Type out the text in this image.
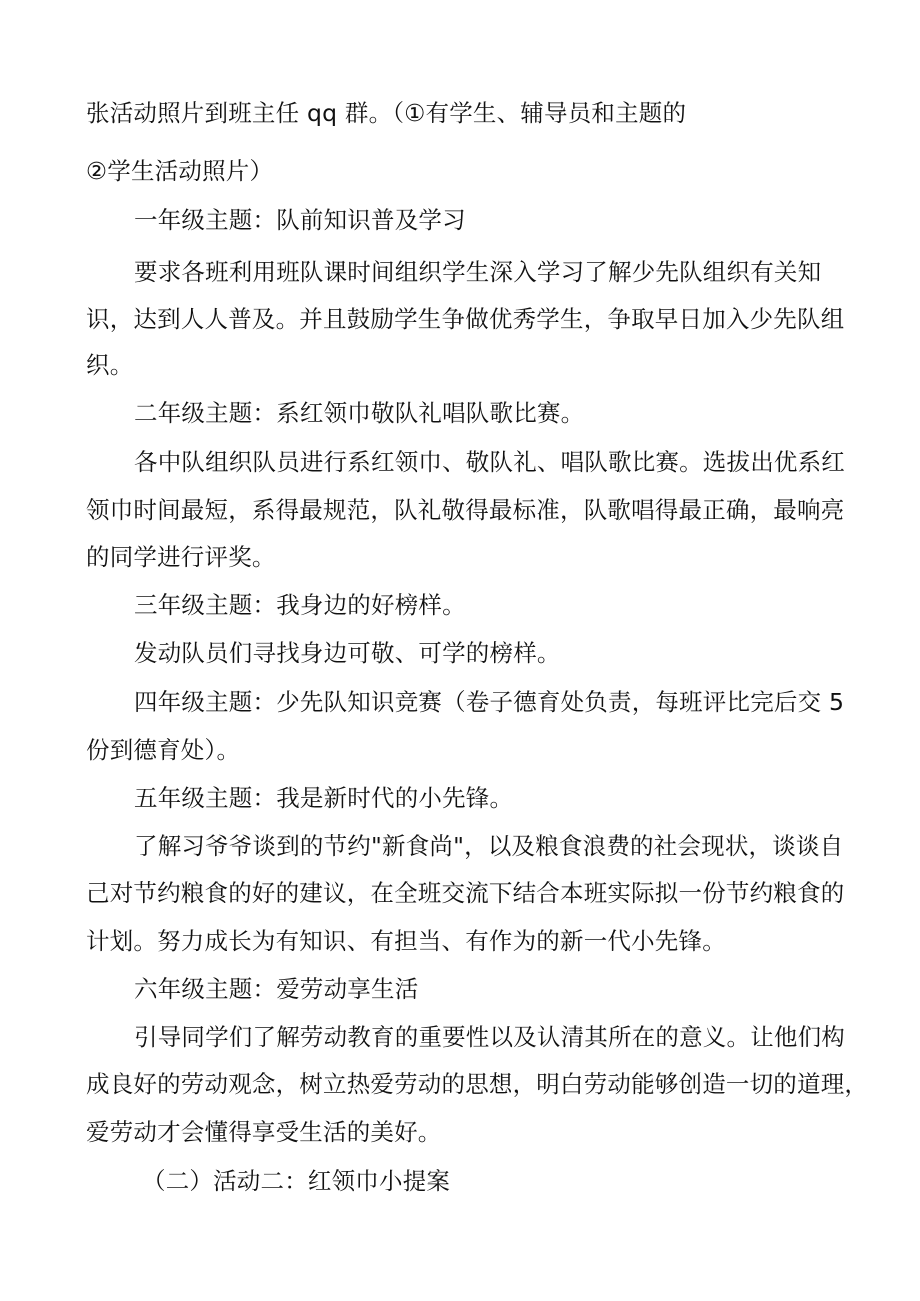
张活动照片到班主任 qq 群。（①有学生、辅导员和主题的
②学生活动照片）
一年级主题：队前知识普及学习
要求各班利用班队课时间组织学生深入学习了解少先队组织有关知
识，达到人人普及。并且鼓励学生争做优秀学生，争取早日加入少先队组
织。
二年级主题：系红领巾敬队礼唱队歌比赛。
各中队组织队员进行系红领巾、敬队礼、唱队歌比赛。选拔出优系红
领巾时间最短，系得最规范，队礼敬得最标准，队歌唱得最正确，最响亮
的同学进行评奖。
三年级主题：我身边的好榜样。
发动队员们寻找身边可敬、可学的榜样。
四年级主题：少先队知识竞赛（卷子德育处负责，每班评比完后交 5
份到德育处）。
五年级主题：我是新时代的小先锋。
了解习爷爷谈到的节约"新食尚"，以及粮食浪费的社会现状，谈谈自
己对节约粮食的好的建议，在全班交流下结合本班实际拟一份节约粮食的
计划。努力成长为有知识、有担当、有作为的新一代小先锋。
六年级主题：爱劳动享生活
引导同学们了解劳动教育的重要性以及认清其所在的意义。让他们构
成良好的劳动观念，树立热爱劳动的思想，明白劳动能够创造一切的道理，
爱劳动才会懂得享受生活的美好。
（二）活动二：红领巾小提案
